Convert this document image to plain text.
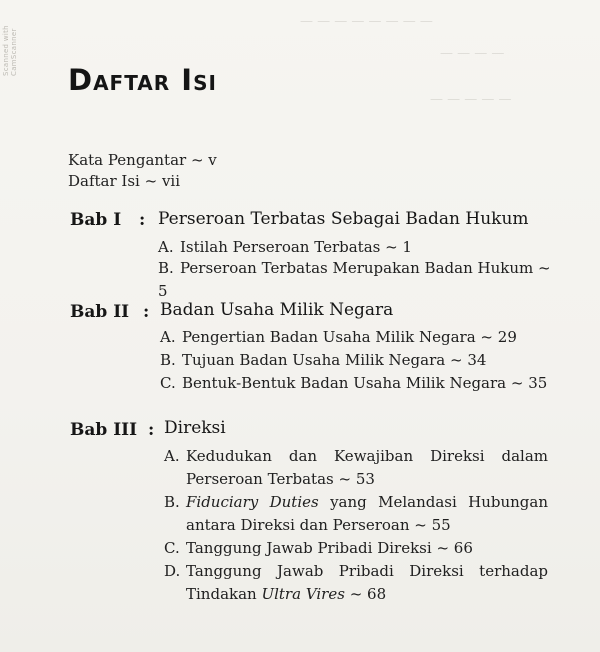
Scanned with CamScanner
— — — — — — — —
— — — —
— — — — —
Daftar Isi
Kata Pengantar ~ v
Daftar Isi ~ vii
Bab I : Perseroan Terbatas Sebagai Badan Hukum
A. Istilah Perseroan Terbatas ~ 1
B. Perseroan Terbatas Merupakan Badan Hukum ~ 5
Bab II : Badan Usaha Milik Negara
A. Pengertian Badan Usaha Milik Negara ~ 29
B. Tujuan Badan Usaha Milik Negara ~ 34
C. Bentuk-Bentuk Badan Usaha Milik Negara ~ 35
Bab III : Direksi
A. Kedudukan dan Kewajiban Direksi dalam
Perseroan Terbatas ~ 53
B. Fiduciary Duties yang Melandasi Hubungan
antara Direksi dan Perseroan ~ 55
C. Tanggung Jawab Pribadi Direksi ~ 66
D. Tanggung Jawab Pribadi Direksi terhadap
Tindakan Ultra Vires ~ 68
